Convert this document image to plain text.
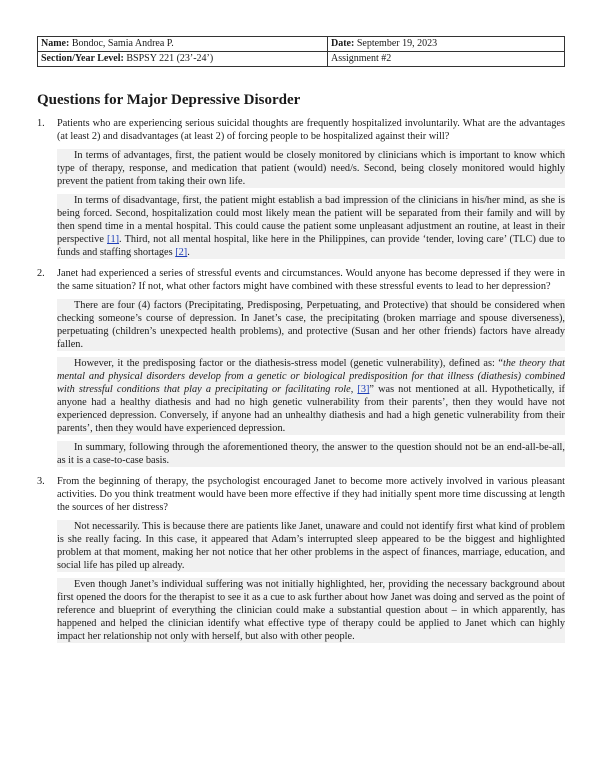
Name: Bondoc, Samia Andrea P.	Date: September 19, 2023
Section/Year Level: BSPSY 221 (23’-24’)	Assignment #2
Questions for Major Depressive Disorder
1.	Patients who are experiencing serious suicidal thoughts are frequently hospitalized involuntarily. What are the advantages (at least 2) and disadvantages (at least 2) of forcing people to be hospitalized against their will?

In terms of advantages, first, the patient would be closely monitored by clinicians which is important to know which type of therapy, response, and medication that patient (would) need/s. Second, being closely monitored would highly prevent the patient from taking their own life.

In terms of disadvantage, first, the patient might establish a bad impression of the clinicians in his/her mind, as she is being forced. Second, hospitalization could most likely mean the patient will be separated from their family and will by then spend time in a mental hospital. This could cause the patient some unpleasant adjustment an routine, at least in their perspective [1]. Third, not all mental hospital, like here in the Philippines, can provide ‘tender, loving care’ (TLC) due to funds and staffing shortages [2].

2.	Janet had experienced a series of stressful events and circumstances. Would anyone has become depressed if they were in the same situation? If not, what other factors might have combined with these stressful events to lead to her depression?

There are four (4) factors (Precipitating, Predisposing, Perpetuating, and Protective) that should be considered when checking someone’s course of depression. In Janet’s case, the precipitating (broken marriage and spouse diverseness), perpetuating (children’s unexpected health problems), and protective (Susan and her other friends) factors have already fallen.

However, it the predisposing factor or the diathesis-stress model (genetic vulnerability), defined as: “the theory that mental and physical disorders develop from a genetic or biological predisposition for that illness (diathesis) combined with stressful conditions that play a precipitating or facilitating role, [3]” was not mentioned at all. Hypothetically, if anyone had a healthy diathesis and had no high genetic vulnerability from their parents’, then they would have not experienced depression. Conversely, if anyone had an unhealthy diathesis and had a high genetic vulnerability from their parents’, then they would have experienced depression.

In summary, following through the aforementioned theory, the answer to the question should not be an end-all-be-all, as it is a case-to-case basis.

3.	From the beginning of therapy, the psychologist encouraged Janet to become more actively involved in various pleasant activities. Do you think treatment would have been more effective if they had initially spent more time discussing at length the sources of her distress?

Not necessarily. This is because there are patients like Janet, unaware and could not identify first what kind of problem is she really facing. In this case, it appeared that Adam’s interrupted sleep appeared to be the biggest and highlighted problem at that moment, making her not notice that her other problems in the aspect of finances, marriage, education, and social life has piled up already.

Even though Janet’s individual suffering was not initially highlighted, her, providing the necessary background about first opened the doors for the therapist to see it as a cue to ask further about how Janet was doing and served as the point of reference and blueprint of everything the clinician could make a substantial question about – in which apparently, has happened and helped the clinician identify what effective type of therapy could be applied to Janet which can highly impact her relationship not only with herself, but also with other people.
